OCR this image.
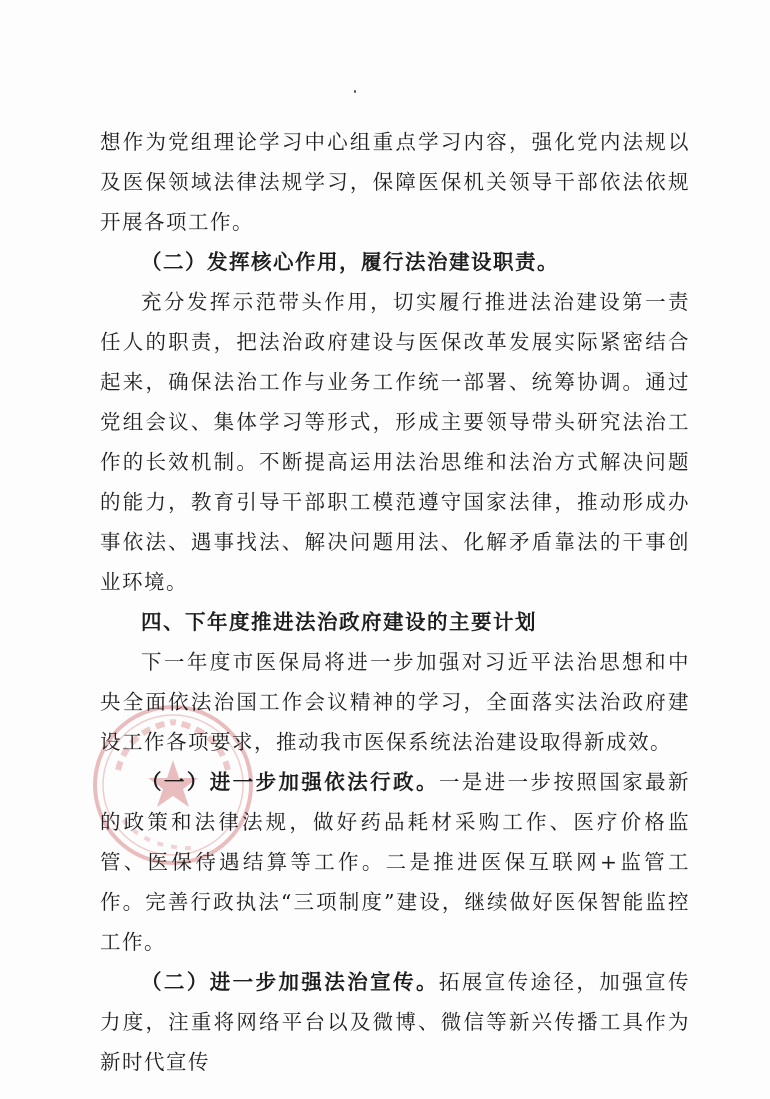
想作为党组理论学习中心组重点学习内容，强化党内法规以及医保领域法律法规学习，保障医保机关领导干部依法依规开展各项工作。

（二）发挥核心作用，履行法治建设职责。

充分发挥示范带头作用，切实履行推进法治建设第一责任人的职责，把法治政府建设与医保改革发展实际紧密结合起来，确保法治工作与业务工作统一部署、统筹协调。通过党组会议、集体学习等形式，形成主要领导带头研究法治工作的长效机制。不断提高运用法治思维和法治方式解决问题的能力，教育引导干部职工模范遵守国家法律，推动形成办事依法、遇事找法、解决问题用法、化解矛盾靠法的干事创业环境。

四、下年度推进法治政府建设的主要计划

下一年度市医保局将进一步加强对习近平法治思想和中央全面依法治国工作会议精神的学习，全面落实法治政府建设工作各项要求，推动我市医保系统法治建设取得新成效。

（一）进一步加强依法行政。一是进一步按照国家最新的政策和法律法规，做好药品耗材采购工作、医疗价格监管、医保待遇结算等工作。二是推进医保互联网+监管工作。完善行政执法“三项制度”建设，继续做好医保智能监控工作。

（二）进一步加强法治宣传。拓展宣传途径，加强宣传力度，注重将网络平台以及微博、微信等新兴传播工具作为新时代宣传
